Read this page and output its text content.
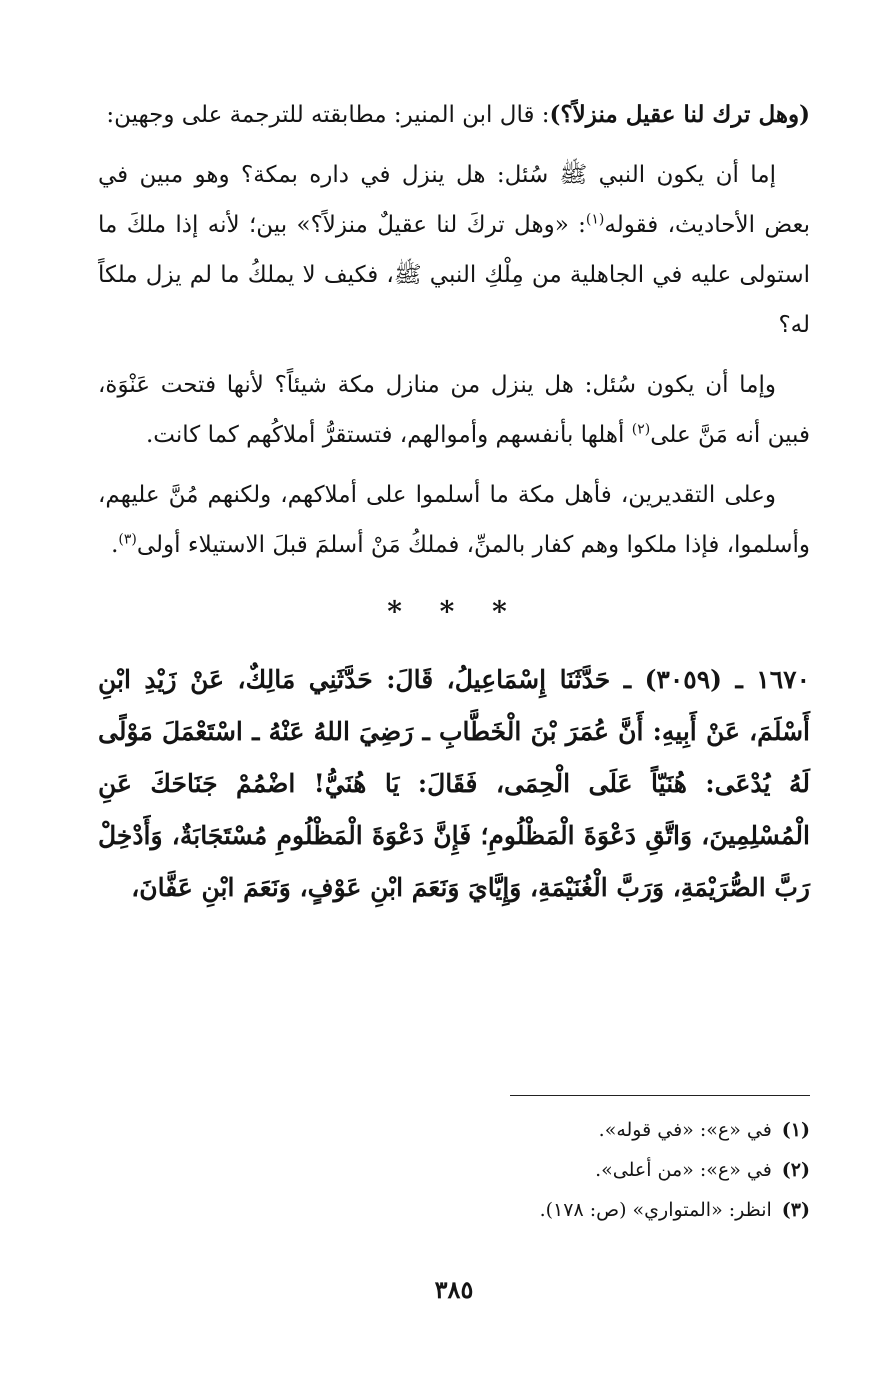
(وهل ترك لنا عقيل منزلاً؟): قال ابن المنير: مطابقته للترجمة على وجهين:

إما أن يكون النبي ﷺ سُئل: هل ينزل في داره بمكة؟ وهو مبين في بعض الأحاديث، فقوله$^{(١)}$: «وهل تركَ لنا عقيلٌ منزلاً؟» بين؛ لأنه إذا ملكَ ما استولى عليه في الجاهلية من مِلْكِ النبي ﷺ، فكيف لا يملكُ ما لم يزل ملكاً له؟

وإما أن يكون سُئل: هل ينزل من منازل مكة شيئاً؟ لأنها فتحت عَنْوَة، فبين أنه مَنَّ على$^{(٢)}$ أهلها بأنفسهم وأموالهم، فتستقرُّ أملاكُهم كما كانت.

وعلى التقديرين، فأهل مكة ما أسلموا على أملاكهم، ولكنهم مُنَّ عليهم، وأسلموا، فإذا ملكوا وهم كفار بالمنِّ، فملكُ مَنْ أسلمَ قبلَ الاستيلاء أولى$^{(٣)}$.

* * *

١٦٧٠ ـ (٣٠٥٩) ـ حَدَّثَنَا إِسْمَاعِيلُ، قَالَ: حَدَّثَنِي مَالِكٌ، عَنْ زَيْدِ ابْنِ أَسْلَمَ، عَنْ أَبِيهِ: أَنَّ عُمَرَ بْنَ الْخَطَّابِ ـ رَضِيَ اللهُ عَنْهُ ـ اسْتَعْمَلَ مَوْلًى لَهُ يُدْعَى: هُنَيّاً عَلَى الْحِمَى، فَقَالَ: يَا هُنَيُّ! اضْمُمْ جَنَاحَكَ عَنِ الْمُسْلِمِينَ، وَاتَّقِ دَعْوَةَ الْمَظْلُومِ؛ فَإِنَّ دَعْوَةَ الْمَظْلُومِ مُسْتَجَابَةٌ، وَأَدْخِلْ رَبَّ الصُّرَيْمَةِ، وَرَبَّ الْغُنَيْمَةِ، وَإِيَّايَ وَنَعَمَ ابْنِ عَوْفٍ، وَنَعَمَ ابْنِ عَفَّانَ،

(١)في «ع»: «في قوله».

(٢)في «ع»: «من أعلى».

(٣)انظر: «المتواري» (ص: ١٧٨).

٣٨٥
